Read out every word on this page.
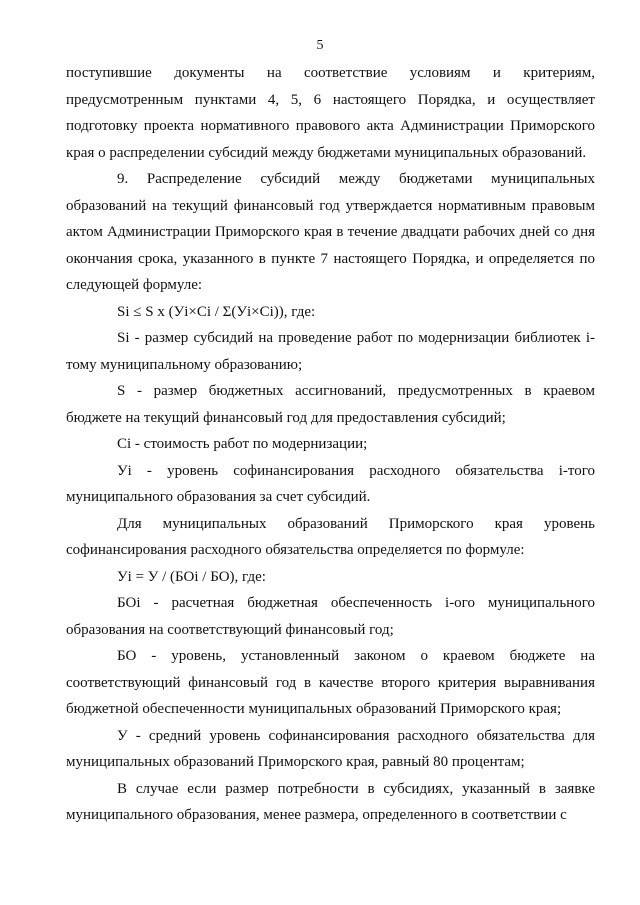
5

поступившие документы на соответствие условиям и критериям, предусмотренным пунктами 4, 5, 6 настоящего Порядка, и осуществляет подготовку проекта нормативного правового акта Администрации Приморского края о распределении субсидий между бюджетами муниципальных образований.

9. Распределение субсидий между бюджетами муниципальных образований на текущий финансовый год утверждается нормативным правовым актом Администрации Приморского края в течение двадцати рабочих дней со дня окончания срока, указанного в пункте 7 настоящего Порядка, и определяется по следующей формуле:

Si ≤ S x (Уi×Ci / Σ(Уi×Ci)), где:

Si - размер субсидий на проведение работ по модернизации библиотек i-тому муниципальному образованию;

S - размер бюджетных ассигнований, предусмотренных в краевом бюджете на текущий финансовый год для предоставления субсидий;

Ci - стоимость работ по модернизации;

Уi - уровень софинансирования расходного обязательства i-того муниципального образования за счет субсидий.

Для муниципальных образований Приморского края уровень софинансирования расходного обязательства определяется по формуле:

Уi = У / (БОi / БО), где:

БОi - расчетная бюджетная обеспеченность i-ого муниципального образования на соответствующий финансовый год;

БО - уровень, установленный законом о краевом бюджете на соответствующий финансовый год в качестве второго критерия выравнивания бюджетной обеспеченности муниципальных образований Приморского края;

У - средний уровень софинансирования расходного обязательства для муниципальных образований Приморского края, равный 80 процентам;

В случае если размер потребности в субсидиях, указанный в заявке муниципального образования, менее размера, определенного в соответствии с
